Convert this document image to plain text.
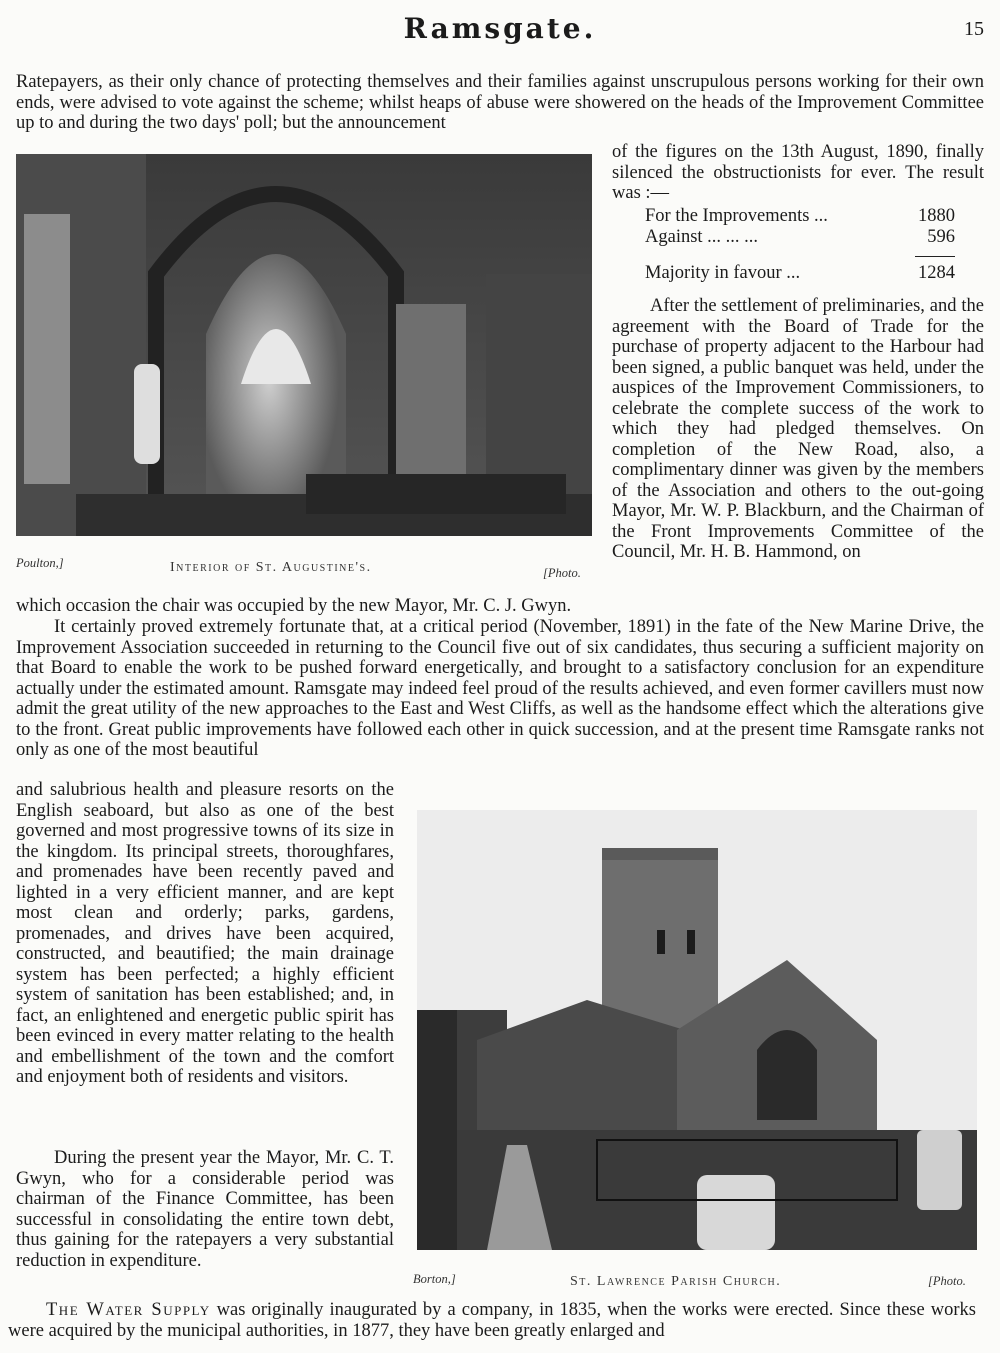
Ramsgate.	15

Ratepayers, as their only chance of protecting themselves and their families against unscrupulous persons working for their own ends, were advised to vote against the scheme; whilst heaps of abuse were showered on the heads of the Improvement Committee up to and during the two days' poll; but the announcement

Poulton,]	Interior of St. Augustine's.	[Photo.

of the figures on the 13th August, 1890, finally silenced the obstructionists for ever. The result was :—

For the Improvements ...	1880
Against ... ... ...	596
Majority in favour ...	1284

After the settlement of preliminaries, and the agreement with the Board of Trade for the purchase of property adjacent to the Harbour had been signed, a public banquet was held, under the auspices of the Improvement Commissioners, to celebrate the complete success of the work to which they had pledged themselves. On completion of the New Road, also, a complimentary dinner was given by the members of the Association and others to the out-going Mayor, Mr. W. P. Blackburn, and the Chairman of the Front Improvements Committee of the Council, Mr. H. B. Hammond, on

which occasion the chair was occupied by the new Mayor, Mr. C. J. Gwyn.

It certainly proved extremely fortunate that, at a critical period (November, 1891) in the fate of the New Marine Drive, the Improvement Association succeeded in returning to the Council five out of six candidates, thus securing a sufficient majority on that Board to enable the work to be pushed forward energetically, and brought to a satisfactory conclusion for an expenditure actually under the estimated amount. Ramsgate may indeed feel proud of the results achieved, and even former cavillers must now admit the great utility of the new approaches to the East and West Cliffs, as well as the handsome effect which the alterations give to the front. Great public improvements have followed each other in quick succession, and at the present time Ramsgate ranks not only as one of the most beautiful

and salubrious health and pleasure resorts on the English seaboard, but also as one of the best governed and most progressive towns of its size in the kingdom. Its principal streets, thoroughfares, and promenades have been recently paved and lighted in a very efficient manner, and are kept most clean and orderly; parks, gardens, promenades, and drives have been acquired, constructed, and beautified; the main drainage system has been perfected; a highly efficient system of sanitation has been established; and, in fact, an enlightened and energetic public spirit has been evinced in every matter relating to the health and embellishment of the town and the comfort and enjoyment both of residents and visitors.

During the present year the Mayor, Mr. C. T. Gwyn, who for a considerable period was chairman of the Finance Committee, has been successful in consolidating the entire town debt, thus gaining for the ratepayers a very substantial reduction in expenditure.

Borton,]	St. Lawrence Parish Church.	[Photo.

The Water Supply was originally inaugurated by a company, in 1835, when the works were erected. Since these works were acquired by the municipal authorities, in 1877, they have been greatly enlarged and
